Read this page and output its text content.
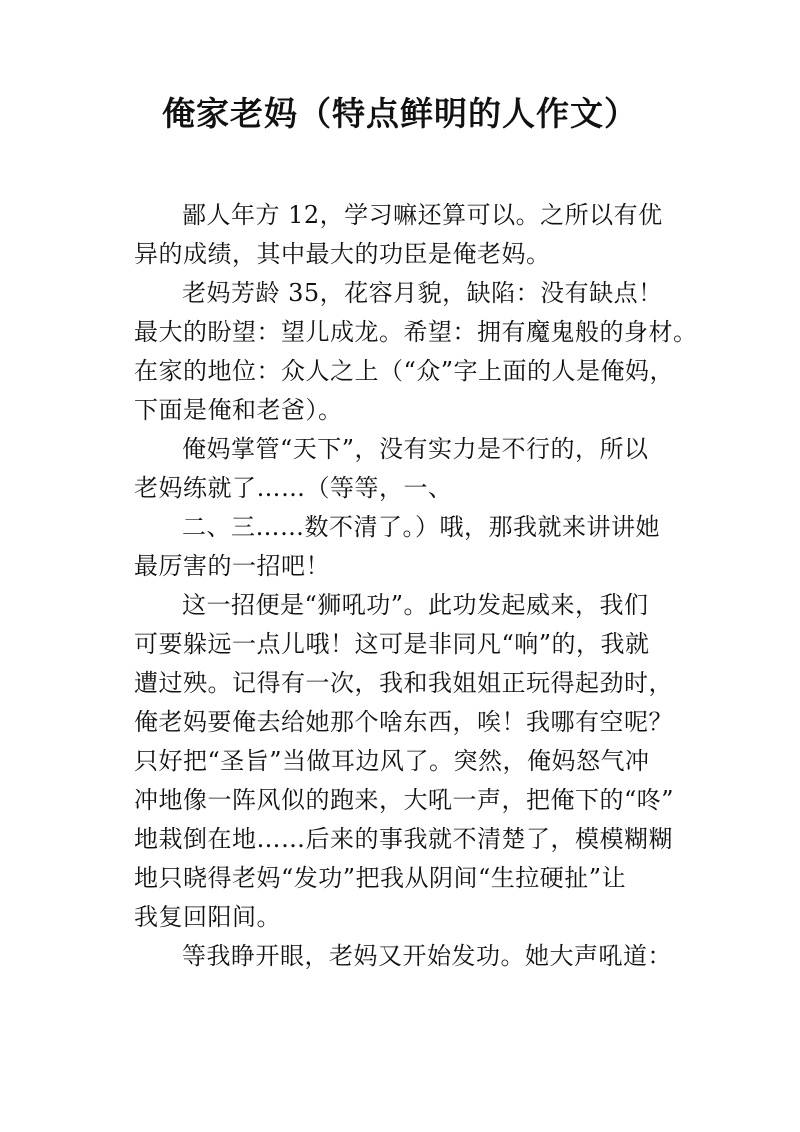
俺家老妈（特点鲜明的人作文）
鄙人年方 12，学习嘛还算可以。之所以有优
异的成绩，其中最大的功臣是俺老妈。
老妈芳龄 35，花容月貌，缺陷：没有缺点！
最大的盼望：望儿成龙。希望：拥有魔鬼般的身材。
在家的地位：众人之上（“众”字上面的人是俺妈，
下面是俺和老爸）。
俺妈掌管“天下”，没有实力是不行的，所以
老妈练就了……（等等，一、
二、三……数不清了。）哦，那我就来讲讲她
最厉害的一招吧！
这一招便是“狮吼功”。此功发起威来，我们
可要躲远一点儿哦！这可是非同凡“响”的，我就
遭过殃。记得有一次，我和我姐姐正玩得起劲时，
俺老妈要俺去给她那个啥东西，唉！我哪有空呢？
只好把“圣旨”当做耳边风了。突然，俺妈怒气冲
冲地像一阵风似的跑来，大吼一声，把俺下的“咚”
地栽倒在地……后来的事我就不清楚了，模模糊糊
地只晓得老妈“发功”把我从阴间“生拉硬扯”让
我复回阳间。
等我睁开眼，老妈又开始发功。她大声吼道：
